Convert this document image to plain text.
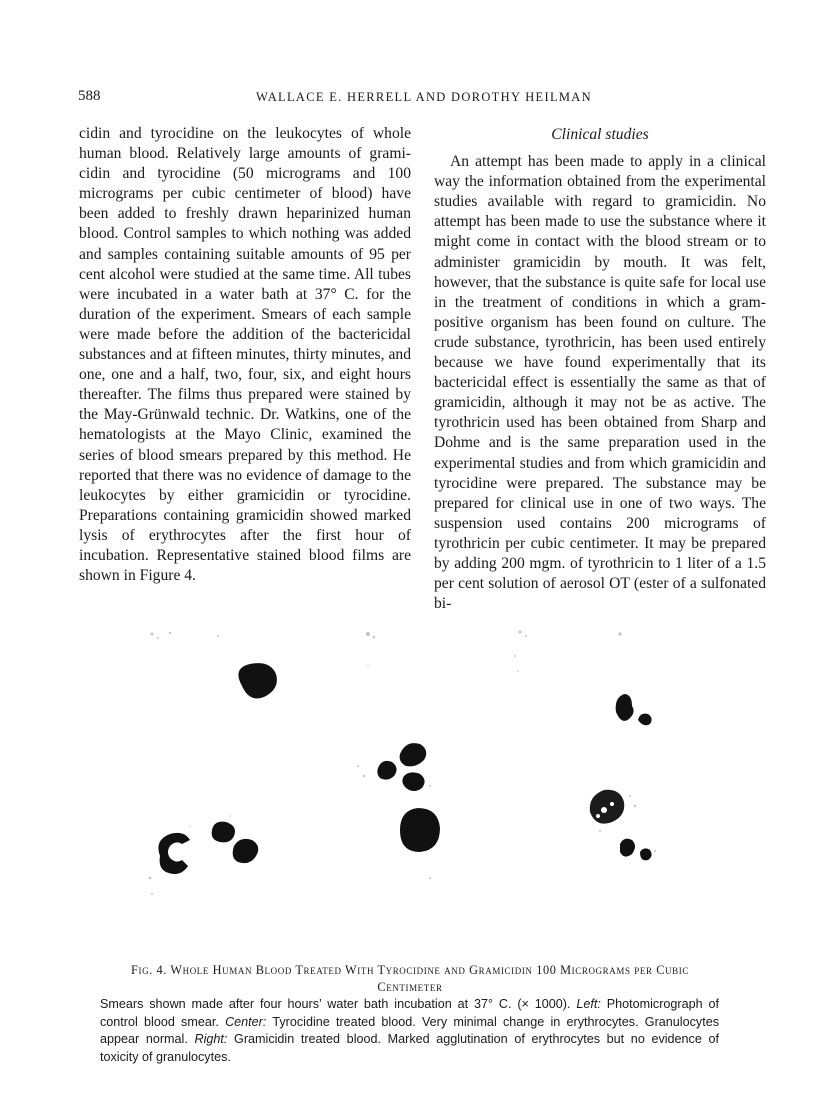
588	WALLACE E. HERRELL AND DOROTHY HEILMAN

cidin and tyrocidine on the leukocytes of whole human blood. Relatively large amounts of gramicidin and tyrocidine (50 micrograms and 100 micrograms per cubic centimeter of blood) have been added to freshly drawn heparinized human blood. Control samples to which nothing was added and samples containing suitable amounts of 95 per cent alcohol were studied at the same time. All tubes were incubated in a water bath at 37° C. for the duration of the experiment. Smears of each sample were made before the addition of the bactericidal substances and at fifteen minutes, thirty minutes, and one, one and a half, two, four, six, and eight hours thereafter. The films thus prepared were stained by the May-Grünwald technic. Dr. Watkins, one of the hematologists at the Mayo Clinic, examined the series of blood smears prepared by this method. He reported that there was no evidence of damage to the leukocytes by either gramicidin or tyrocidine. Preparations containing gramicidin showed marked lysis of erythrocytes after the first hour of incubation. Representative stained blood films are shown in Figure 4.

Clinical studies

An attempt has been made to apply in a clinical way the information obtained from the experimental studies available with regard to gramicidin. No attempt has been made to use the substance where it might come in contact with the blood stream or to administer gramicidin by mouth. It was felt, however, that the substance is quite safe for local use in the treatment of conditions in which a gram-positive organism has been found on culture. The crude substance, tyrothricin, has been used entirely because we have found experimentally that its bactericidal effect is essentially the same as that of gramicidin, although it may not be as active. The tyrothricin used has been obtained from Sharp and Dohme and is the same preparation used in the experimental studies and from which gramicidin and tyrocidine were prepared. The substance may be prepared for clinical use in one of two ways. The suspension used contains 200 micrograms of tyrothricin per cubic centimeter. It may be prepared by adding 200 mgm. of tyrothricin to 1 liter of a 1.5 per cent solution of aerosol OT (ester of a sulfonated bi-

Fig. 4. Whole Human Blood Treated With Tyrocidine and Gramicidin 100 Micrograms per Cubic Centimeter

Smears shown made after four hours’ water bath incubation at 37° C. (× 1000). Left: Photomicrograph of control blood smear. Center: Tyrocidine treated blood. Very minimal change in erythrocytes. Granulocytes appear normal. Right: Gramicidin treated blood. Marked agglutination of erythrocytes but no evidence of toxicity of granulocytes.
